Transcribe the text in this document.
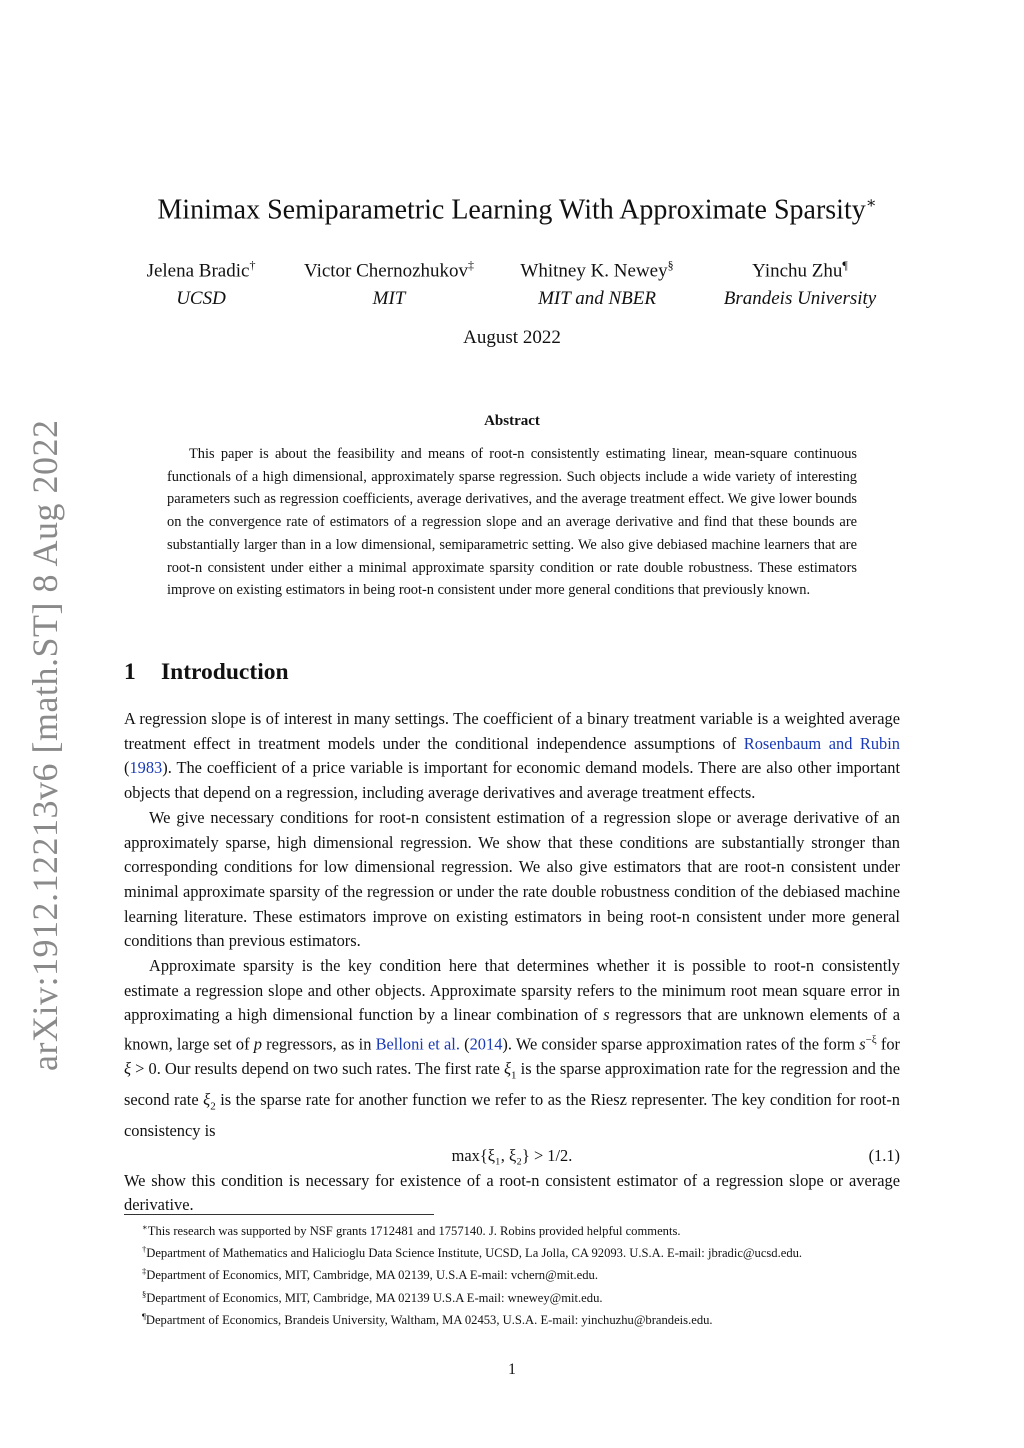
arXiv:1912.12213v6 [math.ST] 8 Aug 2022
Minimax Semiparametric Learning With Approximate Sparsity∗
Jelena Bradic†
UCSD
Victor Chernozhukov‡
MIT
Whitney K. Newey§
MIT and NBER
Yinchu Zhu¶
Brandeis University
August 2022
Abstract

This paper is about the feasibility and means of root-n consistently estimating linear, mean-square continuous functionals of a high dimensional, approximately sparse regression. Such objects include a wide variety of interesting parameters such as regression coefficients, average derivatives, and the average treatment effect. We give lower bounds on the convergence rate of estimators of a regression slope and an average derivative and find that these bounds are substantially larger than in a low dimensional, semiparametric setting. We also give debiased machine learners that are root-n consistent under either a minimal approximate sparsity condition or rate double robustness. These estimators improve on existing estimators in being root-n consistent under more general conditions that previously known.

1 Introduction

A regression slope is of interest in many settings. The coefficient of a binary treatment variable is a weighted average treatment effect in treatment models under the conditional independence assumptions of Rosenbaum and Rubin (1983). The coefficient of a price variable is important for economic demand models. There are also other important objects that depend on a regression, including average derivatives and average treatment effects.

We give necessary conditions for root-n consistent estimation of a regression slope or average derivative of an approximately sparse, high dimensional regression. We show that these conditions are substantially stronger than corresponding conditions for low dimensional regression. We also give estimators that are root-n consistent under minimal approximate sparsity of the regression or under the rate double robustness condition of the debiased machine learning literature. These estimators improve on existing estimators in being root-n consistent under more general conditions than previous estimators.

Approximate sparsity is the key condition here that determines whether it is possible to root-n consistently estimate a regression slope and other objects. Approximate sparsity refers to the minimum root mean square error in approximating a high dimensional function by a linear combination of s regressors that are unknown elements of a known, large set of p regressors, as in Belloni et al. (2014). We consider sparse approximation rates of the form $s^{-\xi}$ for ξ > 0. Our results depend on two such rates. The first rate $\xi_1$ is the sparse approximation rate for the regression and the second rate $\xi_2$ is the sparse rate for another function we refer to as the Riesz representer. The key condition for root-n consistency is

max{ξ₁, ξ₂} > 1/2.	(1.1)

We show this condition is necessary for existence of a root-n consistent estimator of a regression slope or average derivative.

∗This research was supported by NSF grants 1712481 and 1757140. J. Robins provided helpful comments.
†Department of Mathematics and Halicioglu Data Science Institute, UCSD, La Jolla, CA 92093. U.S.A. E-mail: jbradic@ucsd.edu.
‡Department of Economics, MIT, Cambridge, MA 02139, U.S.A E-mail: vchern@mit.edu.
§Department of Economics, MIT, Cambridge, MA 02139 U.S.A E-mail: wnewey@mit.edu.
¶Department of Economics, Brandeis University, Waltham, MA 02453, U.S.A. E-mail: yinchuzhu@brandeis.edu.
1
